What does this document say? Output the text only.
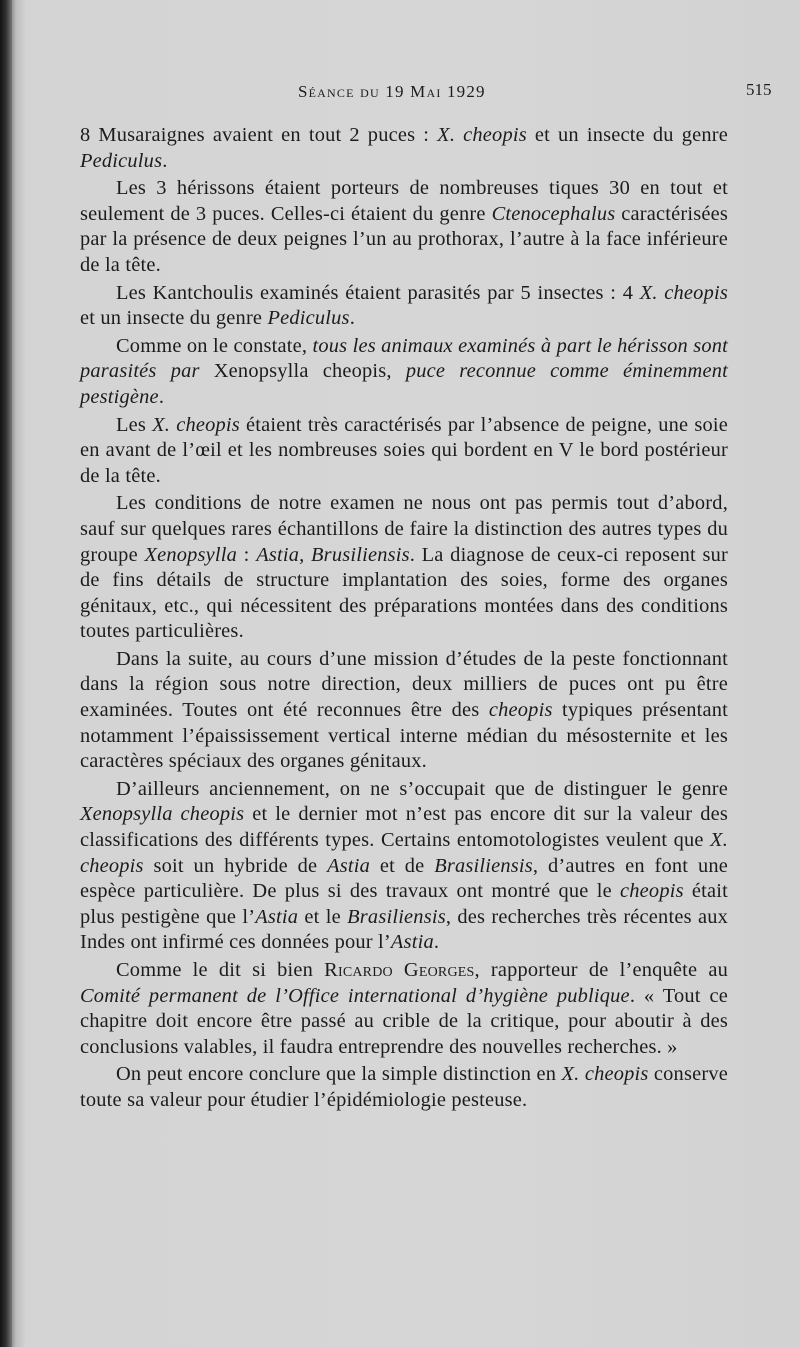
Séance du 19 Mai 1929	515

8 Musaraignes avaient en tout 2 puces : X. cheopis et un insecte du genre Pediculus.

Les 3 hérissons étaient porteurs de nombreuses tiques 30 en tout et seulement de 3 puces. Celles-ci étaient du genre Ctenocephalus caractérisées par la présence de deux peignes l’un au prothorax, l’autre à la face inférieure de la tête.

Les Kantchoulis examinés étaient parasités par 5 insectes : 4 X. cheopis et un insecte du genre Pediculus.

Comme on le constate, tous les animaux examinés à part le hérisson sont parasités par Xenopsylla cheopis, puce reconnue comme éminemment pestigène.

Les X. cheopis étaient très caractérisés par l’absence de peigne, une soie en avant de l’œil et les nombreuses soies qui bordent en V le bord postérieur de la tête.

Les conditions de notre examen ne nous ont pas permis tout d’abord, sauf sur quelques rares échantillons de faire la distinction des autres types du groupe Xenopsylla : Astia, Brusiliensis. La diagnose de ceux-ci reposent sur de fins détails de structure implantation des soies, forme des organes génitaux, etc., qui nécessitent des préparations montées dans des conditions toutes particulières.

Dans la suite, au cours d’une mission d’études de la peste fonctionnant dans la région sous notre direction, deux milliers de puces ont pu être examinées. Toutes ont été reconnues être des cheopis typiques présentant notamment l’épaississement vertical interne médian du mésosternite et les caractères spéciaux des organes génitaux.

D’ailleurs anciennement, on ne s’occupait que de distinguer le genre Xenopsylla cheopis et le dernier mot n’est pas encore dit sur la valeur des classifications des différents types. Certains entomotologistes veulent que X. cheopis soit un hybride de Astia et de Brasiliensis, d’autres en font une espèce particulière. De plus si des travaux ont montré que le cheopis était plus pestigène que l’Astia et le Brasiliensis, des recherches très récentes aux Indes ont infirmé ces données pour l’Astia.

Comme le dit si bien Ricardo Georges, rapporteur de l’enquête au Comité permanent de l’Office international d’hygiène publique. « Tout ce chapitre doit encore être passé au crible de la critique, pour aboutir à des conclusions valables, il faudra entreprendre des nouvelles recherches. »

On peut encore conclure que la simple distinction en X. cheopis conserve toute sa valeur pour étudier l’épidémiologie pesteuse.
